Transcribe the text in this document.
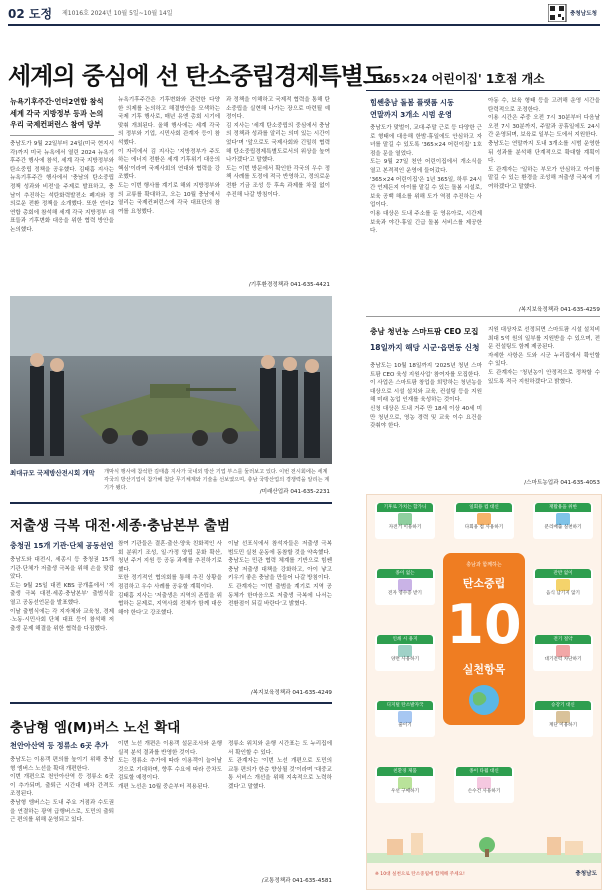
02 도정 제1016호 2024년 10월 5일~10월 14일	충청남도청
세계의 중심에 선 탄소중립경제특별도
뉴욕기후주간·언더2연합 참석
세계 각국 지방정부 등과 논의
우리 국제컨퍼런스 참여 당부
충남도가 9월 22일부터 24일(미국 현지시각)까지 미국 뉴욕에서 열린 2024 뉴욕기후주간 행사에 참석, 세계 각국 지방정부와 탄소중립 정책을 공유했다. 김태흠 지사는 뉴욕기후주간 행사에서 '충남의 탄소중립 정책 성과와 비전'을 주제로 발표하고, 충남이 추진하는 석탄화력발전소 폐지와 정의로운 전환 정책을 소개했다. 또한 언더2연합 총회에 참석해 세계 각국 지방정부 대표들과 기후변화 대응을 위한 협력 방안을 논의했다.
뉴욕기후주간은 기후변화와 관련한 다양한 의제를 논의하고 해결방안을 모색하는 국제 기후 행사로, 매년 유엔 총회 시기에 맞춰 개최된다. 올해 행사에는 세계 각국의 정부와 기업, 시민사회 관계자 등이 참석했다.
이 자리에서 김 지사는 '지방정부가 주도하는 에너지 전환은 세계 기후위기 대응의 핵심'이라며 국제사회의 연대와 협력을 강조했다.
도는 이번 행사를 계기로 해외 지방정부와의 교류를 확대하고, 오는 10월 충남에서 열리는 국제컨퍼런스에 각국 대표단의 참여를 요청했다.
과 정책을 이해하고 국제적 협력을 통해 탄소중립을 실현해 나가는 장으로 마련될 예정이다.
김 지사는 '세계 탄소중립의 중심에서 충남의 정책과 성과를 알리는 의미 있는 시간이었다'며 '앞으로도 국제사회와 긴밀히 협력해 탄소중립경제특별도로서의 위상을 높여 나가겠다'고 말했다.
도는 이번 방문에서 확인한 각국의 우수 정책 사례를 도정에 적극 반영하고, 정의로운 전환 기금 조성 등 후속 과제를 차질 없이 추진해 나갈 방침이다.
/기후환경정책과 041-635-4421
최대규모 국제방산전시회 개막	개막식 행사에 참석한 김태흠 지사가 국내외 방산 기업 부스를 둘러보고 있다. 이번 전시회에는 세계 각국의 방산기업이 참가해 첨단 무기체계와 기술을 선보였으며, 충남 국방산업의 경쟁력을 알리는 계기가 됐다.
/미래산업과 041-635-2231
'365×24 어린이집' 1호점 개소
힘쎈충남 돌봄 플랫폼 시동
연말까지 3개소 시범 운영
충남도가 맞벌이, 교대·주말 근로 등 다양한 근로 형태에 대응해 한밤·휴일에도 안심하고 자녀를 맡길 수 있도록 '365×24 어린이집' 1호점을 문을 열었다.
도는 9월 27일 천안 어린이집에서 개소식을 열고 본격적인 운영에 들어갔다.
'365×24 어린이집'은 1년 365일, 하루 24시간 언제든지 아이를 맡길 수 있는 돌봄 시설로, 보육 공백 해소를 위해 도가 역점 추진하는 사업이다.
이용 대상은 도내 주소를 둔 영유아로, 시간제 보육과 야간·휴일 긴급 돌봄 서비스를 제공한다.
아동 수, 보육 형태 등을 고려해 운영 시간을 탄력적으로 조정한다.
이용 시간은 주중 오전 7시 30분부터 다음날 오전 7시 30분까지, 주말과 공휴일에도 24시간 운영되며, 보육료 일부는 도에서 지원한다.
충남도는 연말까지 도내 3개소를 시범 운영한 뒤 성과를 분석해 단계적으로 확대할 계획이다.
도 관계자는 '일하는 부모가 안심하고 아이를 맡길 수 있는 환경을 조성해 저출생 극복에 기여하겠다'고 말했다.
/복지보육정책과 041-635-4259
충남 청년농 스마트팜 CEO 모집
18일까지 해당 시군·읍면동 신청
충남도는 10월 18일까지 '2025년 청년 스마트팜 CEO 육성 지원사업' 참여자를 모집한다.
이 사업은 스마트팜 창업을 희망하는 청년농을 대상으로 시설 설치와 교육, 컨설팅 등을 지원해 미래 농업 인재를 육성하는 것이다.
신청 대상은 도내 거주 만 18세 이상 40세 미만 청년으로, 영농 경력 및 교육 이수 요건을 갖춰야 한다.
지원 대상자로 선정되면 스마트팜 시설 설치비 최대 5억 원의 일부를 지원받을 수 있으며, 전문 컨설팅도 함께 제공된다.
자세한 사항은 도와 시군 누리집에서 확인할 수 있다.
도 관계자는 '청년농이 안정적으로 정착할 수 있도록 적극 지원하겠다'고 밝혔다.
/스마트농업과 041-635-4053
저출생 극복 대전·세종·충남본부 출범
충청권 15개 기관·단체 공동선언
충남도와 대전시, 세종시 등 충청권 15개 기관·단체가 저출생 극복을 위해 손을 맞잡았다.
도는 9월 25일 대전 KBS 공개홀에서 '저출생 극복 대전·세종·충남본부' 출범식을 열고 공동선언문을 발표했다.
이날 출범식에는 각 지자체와 교육청, 경제·노동·시민사회 단체 대표 등이 참석해 저출생 문제 해결을 위한 협력을 다짐했다.
참여 기관들은 결혼·출산·양육 친화적인 사회 분위기 조성, 일·가정 양립 문화 확산, 청년 주거 지원 등 공동 과제를 추진하기로 했다.
또한 정기적인 협의회를 통해 추진 상황을 점검하고 우수 사례를 공유할 계획이다.
김태흠 지사는 '저출생은 지역의 존립을 위협하는 문제로, 지역사회 전체가 함께 대응해야 한다'고 강조했다.
이날 선포식에서 참석자들은 저출생 극복 범도민 실천 운동에 동참할 것을 약속했다.
충남도는 민관 협력 체계를 기반으로 힘쎈충남 저출생 대책을 강화하고, 아이 낳고 키우기 좋은 충남을 만들어 나갈 방침이다.
도 관계자는 '이번 출범을 계기로 지역 공동체가 한마음으로 저출생 극복에 나서는 전환점이 되길 바란다'고 밝혔다.
/복지보육정책과 041-635-4249
충남형 엠(M)버스 노선 확대
천안아산역 등 정류소 6곳 추가
충남도는 이용객 편의를 높이기 위해 충남형 엠버스 노선을 확대 개편한다.
이번 개편으로 천안아산역 등 정류소 6곳이 추가되며, 출퇴근 시간대 배차 간격도 조정된다.
충남형 엠버스는 도내 주요 거점과 수도권을 연결하는 광역 급행버스로, 도민의 출퇴근 편의를 위해 운영되고 있다.
이번 노선 개편은 이용객 설문조사와 운행 실적 분석 결과를 반영한 것이다.
도는 정류소 추가에 따라 이용객이 늘어날 것으로 기대하며, 향후 수요에 따라 증차도 검토할 예정이다.
개편 노선은 10월 중순부터 적용된다.
정류소 위치와 운행 시간표는 도 누리집에서 확인할 수 있다.
도 관계자는 '이번 노선 개편으로 도민의 교통 편의가 한층 향상될 것'이라며 '대중교통 서비스 개선을 위해 지속적으로 노력하겠다'고 말했다.
/교통정책과 041-635-4581
기후로 가치는 합가니
자전거 이용하기
일회용 컵 대신
다회용 컵 사용하기
재활용을 위한
분리배출 실천하기
종이 없는
전자 영수증 받기
잔반 없이
음식 남기지 않기
충남과 함께하는
탄소중립
10
실천항목
인쇄 시 용지
양면 사용하기
전기 절약
대기전력 차단하기
디지털 탄소발자국
줄이기
승강기 대신
계단 이용하기
친환경 제품
우선 구매하기
종이 타월 대신
손수건 사용하기
※ 10대 실천으로 탄소중립에 함께해 주세요!	충청남도
